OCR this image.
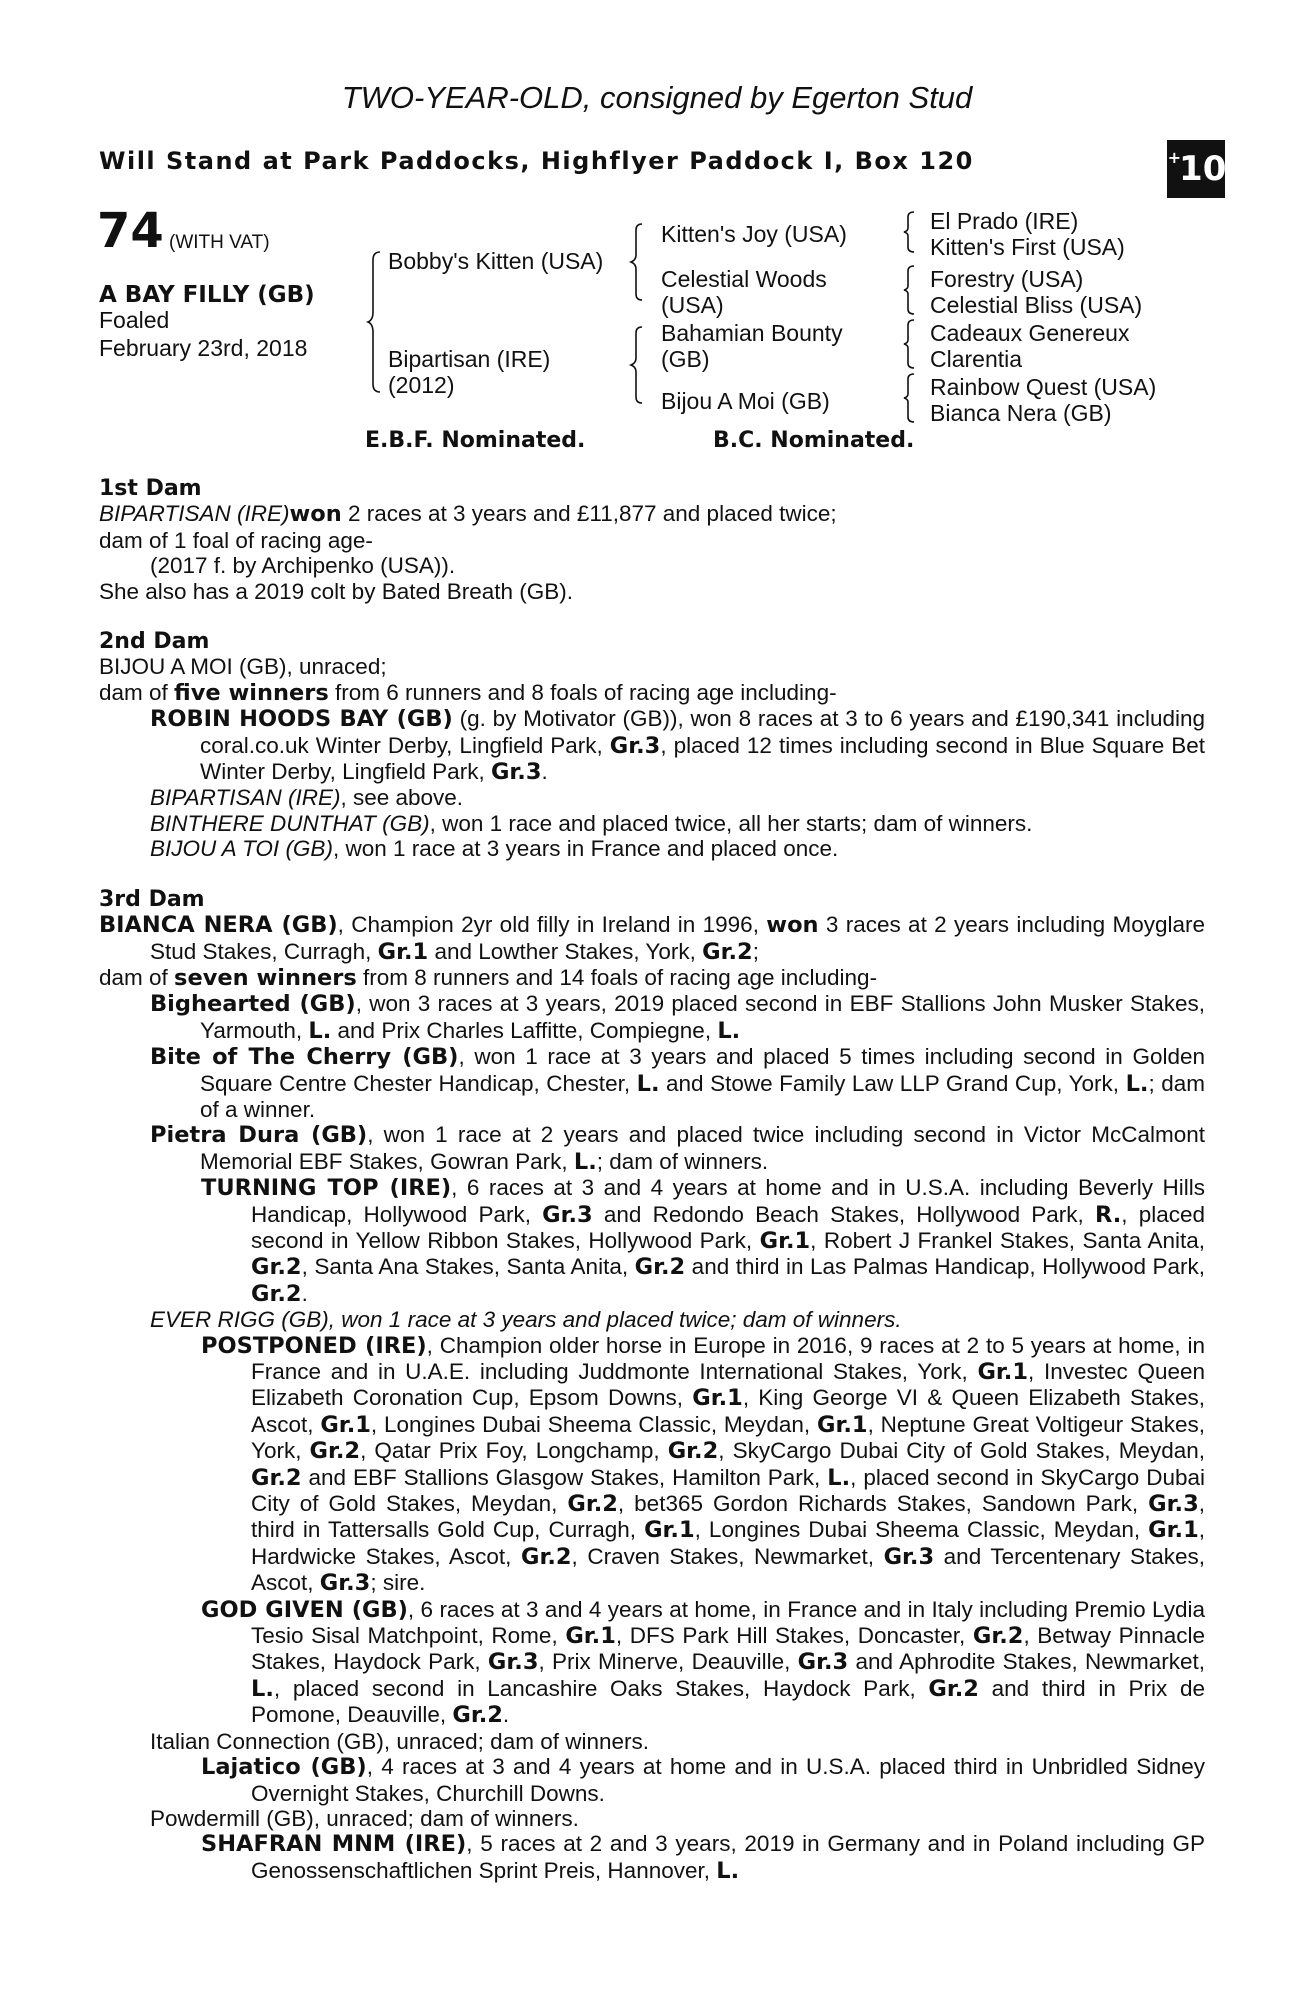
TWO-YEAR-OLD, consigned by Egerton Stud
Will Stand at Park Paddocks, Highflyer Paddock I, Box 120	+
10
74 (WITH VAT)
A BAY FILLY (GB)
Foaled
February 23rd, 2018
Bobby's Kitten (USA)
Bipartisan (IRE)
(2012)
Kitten's Joy (USA)
Celestial Woods
(USA)
Bahamian Bounty
(GB)
Bijou A Moi (GB)
El Prado (IRE)
Kitten's First (USA)
Forestry (USA)
Celestial Bliss (USA)
Cadeaux Genereux
Clarentia
Rainbow Quest (USA)
Bianca Nera (GB)
E.B.F. Nominated.	B.C. Nominated.

1st Dam

BIPARTISAN (IRE)won 2 races at 3 years and £11,877 and placed twice;

dam of 1 foal of racing age-

(2017 f. by Archipenko (USA)).

She also has a 2019 colt by Bated Breath (GB).

2nd Dam

BIJOU A MOI (GB), unraced;

dam of five winners from 6 runners and 8 foals of racing age including-

ROBIN HOODS BAY (GB) (g. by Motivator (GB)), won 8 races at 3 to 6 years and £190,341 including coral.co.uk Winter Derby, Lingfield Park, Gr.3, placed 12 times including second in Blue Square Bet Winter Derby, Lingfield Park, Gr.3.

BIPARTISAN (IRE), see above.

BINTHERE DUNTHAT (GB), won 1 race and placed twice, all her starts; dam of winners.

BIJOU A TOI (GB), won 1 race at 3 years in France and placed once.

3rd Dam

BIANCA NERA (GB), Champion 2yr old filly in Ireland in 1996, won 3 races at 2 years including Moyglare Stud Stakes, Curragh, Gr.1 and Lowther Stakes, York, Gr.2;

dam of seven winners from 8 runners and 14 foals of racing age including-

Bighearted (GB), won 3 races at 3 years, 2019 placed second in EBF Stallions John Musker Stakes, Yarmouth, L. and Prix Charles Laffitte, Compiegne, L.

Bite of The Cherry (GB), won 1 race at 3 years and placed 5 times including second in Golden Square Centre Chester Handicap, Chester, L. and Stowe Family Law LLP Grand Cup, York, L.; dam of a winner.

Pietra Dura (GB), won 1 race at 2 years and placed twice including second in Victor McCalmont Memorial EBF Stakes, Gowran Park, L.; dam of winners.

TURNING TOP (IRE), 6 races at 3 and 4 years at home and in U.S.A. including Beverly Hills Handicap, Hollywood Park, Gr.3 and Redondo Beach Stakes, Hollywood Park, R., placed second in Yellow Ribbon Stakes, Hollywood Park, Gr.1, Robert J Frankel Stakes, Santa Anita, Gr.2, Santa Ana Stakes, Santa Anita, Gr.2 and third in Las Palmas Handicap, Hollywood Park, Gr.2.

EVER RIGG (GB), won 1 race at 3 years and placed twice; dam of winners.

POSTPONED (IRE), Champion older horse in Europe in 2016, 9 races at 2 to 5 years at home, in France and in U.A.E. including Juddmonte International Stakes, York, Gr.1, Investec Queen Elizabeth Coronation Cup, Epsom Downs, Gr.1, King George VI & Queen Elizabeth Stakes, Ascot, Gr.1, Longines Dubai Sheema Classic, Meydan, Gr.1, Neptune Great Voltigeur Stakes, York, Gr.2, Qatar Prix Foy, Longchamp, Gr.2, SkyCargo Dubai City of Gold Stakes, Meydan, Gr.2 and EBF Stallions Glasgow Stakes, Hamilton Park, L., placed second in SkyCargo Dubai City of Gold Stakes, Meydan, Gr.2, bet365 Gordon Richards Stakes, Sandown Park, Gr.3, third in Tattersalls Gold Cup, Curragh, Gr.1, Longines Dubai Sheema Classic, Meydan, Gr.1, Hardwicke Stakes, Ascot, Gr.2, Craven Stakes, Newmarket, Gr.3 and Tercentenary Stakes, Ascot, Gr.3; sire.

GOD GIVEN (GB), 6 races at 3 and 4 years at home, in France and in Italy including Premio Lydia Tesio Sisal Matchpoint, Rome, Gr.1, DFS Park Hill Stakes, Doncaster, Gr.2, Betway Pinnacle Stakes, Haydock Park, Gr.3, Prix Minerve, Deauville, Gr.3 and Aphrodite Stakes, Newmarket, L., placed second in Lancashire Oaks Stakes, Haydock Park, Gr.2 and third in Prix de Pomone, Deauville, Gr.2.

Italian Connection (GB), unraced; dam of winners.

Lajatico (GB), 4 races at 3 and 4 years at home and in U.S.A. placed third in Unbridled Sidney Overnight Stakes, Churchill Downs.

Powdermill (GB), unraced; dam of winners.

SHAFRAN MNM (IRE), 5 races at 2 and 3 years, 2019 in Germany and in Poland including GP Genossenschaftlichen Sprint Preis, Hannover, L.
